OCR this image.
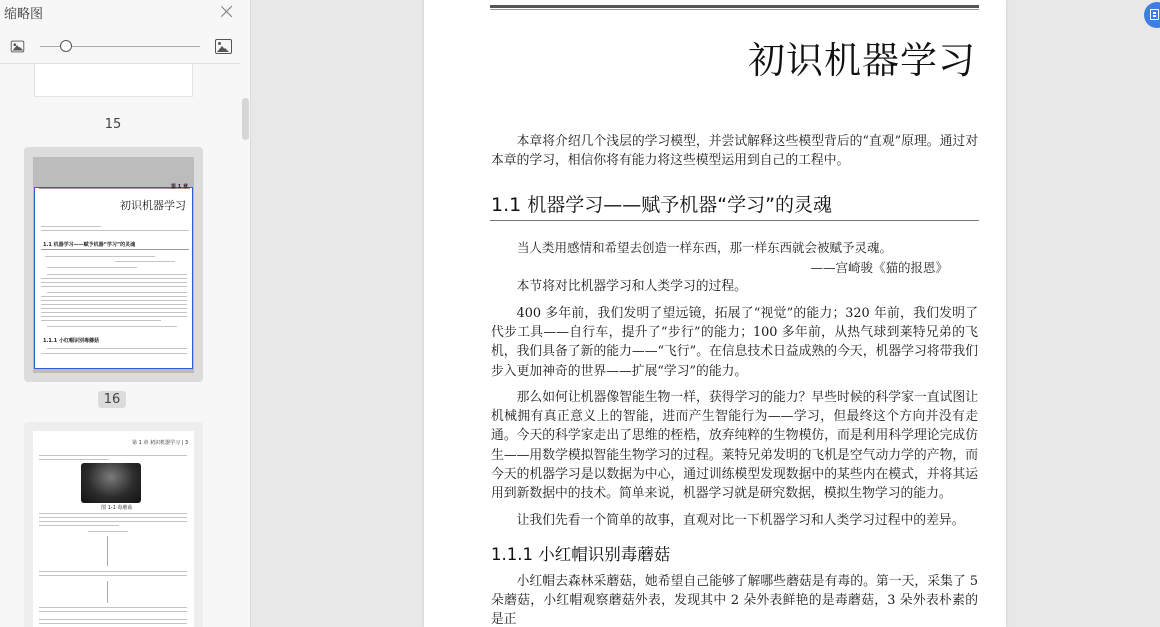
缩略图
15
初识机器学习
1.1 机器学习——赋予机器“学习”的灵魂
1.1.1 小红帽识别毒蘑菇
第 1 章
16
第 1 章 初识机器学习 | 3
图 1-1 毒蘑菇
初识机器学习

本章将介绍几个浅层的学习模型，并尝试解释这些模型背后的“直观”原理。通过对本章的学习，相信你将有能力将这些模型运用到自己的工程中。

1.1 机器学习——赋予机器“学习”的灵魂
当人类用感情和希望去创造一样东西，那一样东西就会被赋予灵魂。
——宫崎骏《猫的报恩》

本节将对比机器学习和人类学习的过程。

400 多年前，我们发明了望远镜，拓展了“视觉”的能力；320 年前，我们发明了代步工具——自行车，提升了“步行”的能力；100 多年前，从热气球到莱特兄弟的飞机，我们具备了新的能力——“飞行”。在信息技术日益成熟的今天，机器学习将带我们步入更加神奇的世界——扩展“学习”的能力。

那么如何让机器像智能生物一样，获得学习的能力？早些时候的科学家一直试图让机械拥有真正意义上的智能，进而产生智能行为——学习，但最终这个方向并没有走通。今天的科学家走出了思维的桎梏，放弃纯粹的生物模仿，而是利用科学理论完成仿生——用数学模拟智能生物学习的过程。莱特兄弟发明的飞机是空气动力学的产物，而今天的机器学习是以数据为中心，通过训练模型发现数据中的某些内在模式，并将其运用到新数据中的技术。简单来说，机器学习就是研究数据，模拟生物学习的能力。

让我们先看一个简单的故事，直观对比一下机器学习和人类学习过程中的差异。

1.1.1 小红帽识别毒蘑菇

小红帽去森林采蘑菇，她希望自己能够了解哪些蘑菇是有毒的。第一天，采集了 5 朵蘑菇，小红帽观察蘑菇外表，发现其中 2 朵外表鲜艳的是毒蘑菇，3 朵外表朴素的是正
